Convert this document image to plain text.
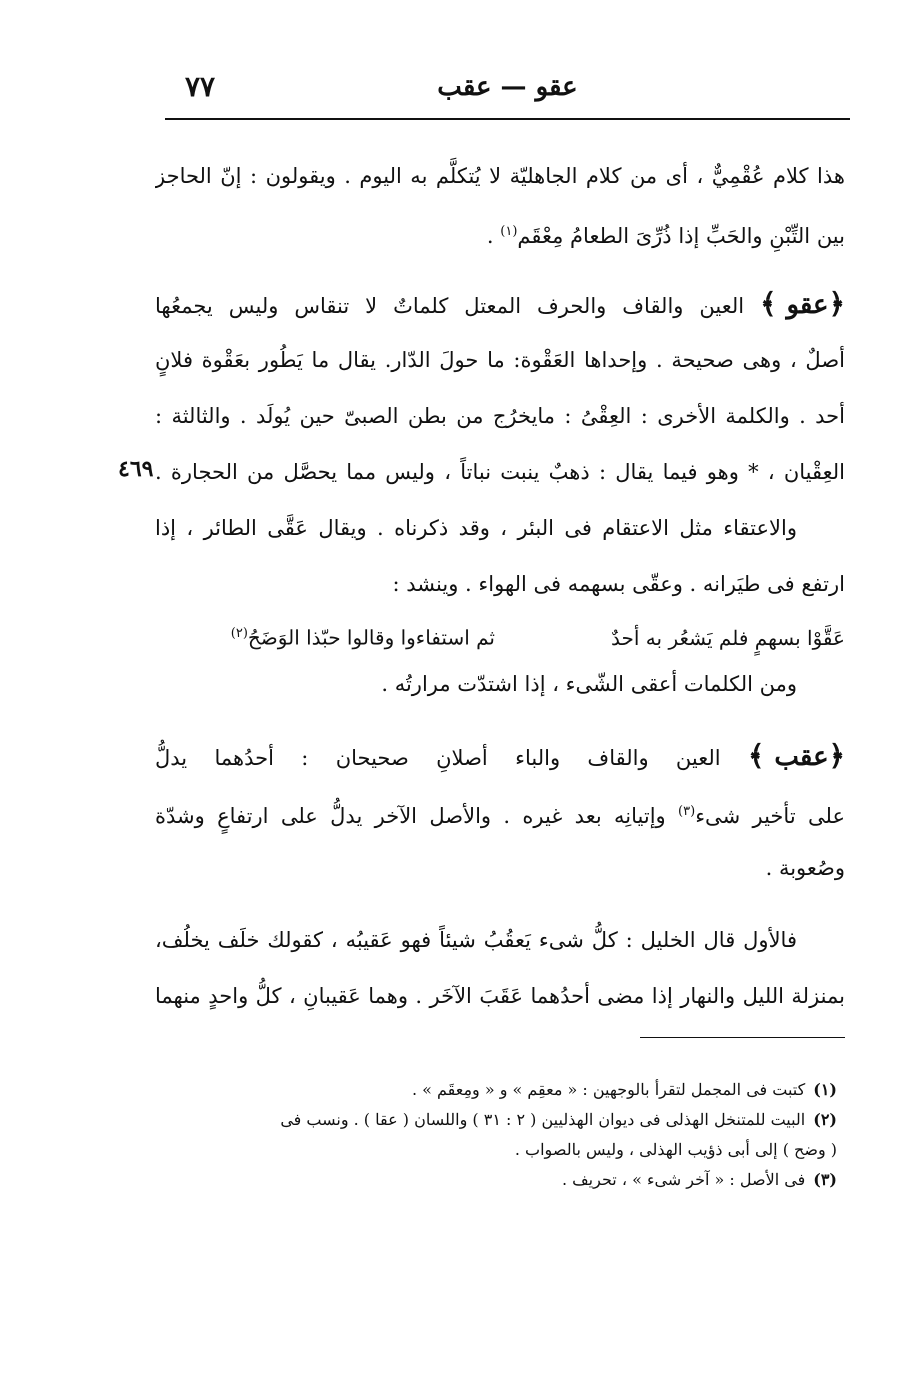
عقو — عقب
٧٧
٤٦٩
هذا كلام عُقْمِيٌّ ، أى من كلام الجاهليّة لا يُتكلَّم به اليوم . ويقولون : إنّ الحاجز
بين التِّبْنِ والحَبِّ إذا ذُرِّىَ الطعامُ مِعْقَم$^{(١)}$ .
﴿عقو﴾ العين والقاف والحرف المعتل كلماتٌ لا تنقاس وليس يجمعُها
أصلٌ ، وهى صحيحة . وإحداها العَقْوة: ما حولَ الدّار. يقال ما يَطُور بعَقْوة فلانٍ
أحد . والكلمة الأخرى : العِقْىُ : مايخرُج من بطن الصبىّ حين يُولَد . والثالثة :
العِقْيان ، * وهو فيما يقال : ذهبٌ ينبت نباتاً ، وليس مما يحصَّل من الحجارة .
والاعتقاء مثل الاعتقام فى البئر ، وقد ذكرناه . ويقال عَقَّى الطائر ، إذا
ارتفع فى طيَرانه . وعقّى بسهمه فى الهواء . وينشد :
عَقَّوْا بسهمٍ فلم يَشعُر به أحدٌثم استفاءوا وقالوا حبّذا الوَضَحُ$^{(٢)}$
ومن الكلمات أعقى الشّىء ، إذا اشتدّت مرارتُه .
﴿عقب﴾ العين والقاف والباء أصلانِ صحيحان : أحدُهما يدلُّ
على تأخير شىء$^{(٣)}$ وإتيانِه بعد غيره . والأصل الآخر يدلُّ على ارتفاعٍ وشدّة
وصُعوبة .
فالأول قال الخليل : كلُّ شىء يَعقُبُ شيئاً فهو عَقيبُه ، كقولك خلَف يخلُف،
بمنزلة الليل والنهار إذا مضى أحدُهما عَقَبَ الآخَر . وهما عَقيبانِ ، كلُّ واحدٍ منهما
(١)كتبت فى المجمل لتقرأ بالوجهين : « معقِم » و « ومِعقَم » .
(٢)البيت للمتنخل الهذلى فى ديوان الهذليين ( ٢ : ٣١ ) واللسان ( عقا ) . ونسب فى
( وضح ) إلى أبى ذؤيب الهذلى ، وليس بالصواب .
(٣)فى الأصل : « آخر شىء » ، تحريف .
